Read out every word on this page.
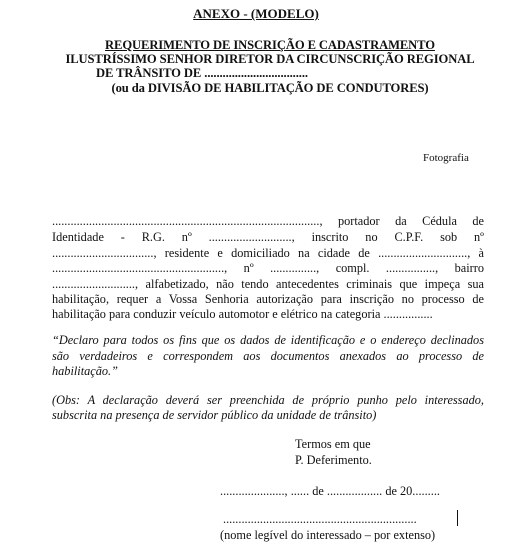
ANEXO - (MODELO)
REQUERIMENTO DE INSCRIÇÃO E CADASTRAMENTO
ILUSTRÍSSIMO SENHOR DIRETOR DA CIRCUNSCRIÇÃO REGIONAL
DE TRÂNSITO DE ..................................
(ou da DIVISÃO DE HABILITAÇÃO DE CONDUTORES)
Fotografia
......................................................................................., portador da Cédula de
Identidade - R.G. nº ..........................., inscrito no C.P.F. sob nº
................................., residente e domiciliado na cidade de ............................., à
........................................................, nº ..............., compl. ................, bairro
..........................., alfabetizado, não tendo antecedentes criminais que impeça sua
habilitação, requer a Vossa Senhoria autorização para inscrição no processo de
habilitação para conduzir veículo automotor e elétrico na categoria ................
“Declaro para todos os fins que os dados de identificação e o endereço declinados
são verdadeiros e correspondem aos documentos anexados ao processo de
habilitação.”
(Obs: A declaração deverá ser preenchida de próprio punho pelo interessado,
subscrita na presença de servidor público da unidade de trânsito)
Termos em que
P. Deferimento.
....................., ...... de .................. de 20.........
...............................................................
(nome legível do interessado – por extenso)
